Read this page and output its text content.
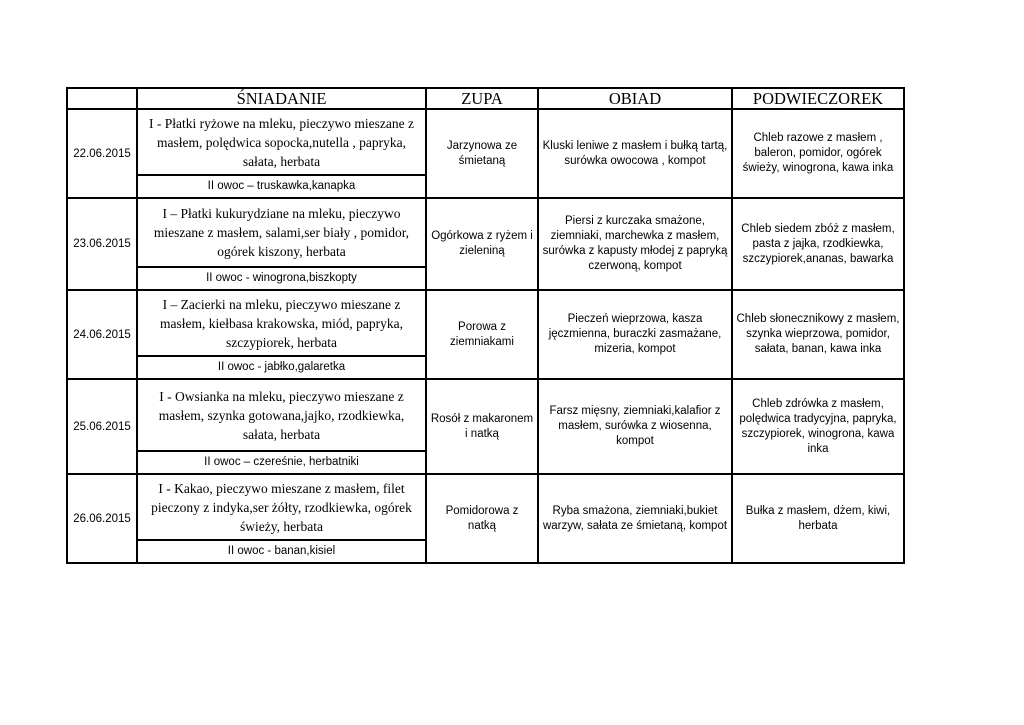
	ŚNIADANIE	ZUPA	OBIAD	PODWIECZOREK
22.06.2015	I - Płatki ryżowe na mleku, pieczywo mieszane z masłem, polędwica sopocka,nutella , papryka, sałata, herbata	Jarzynowa ze śmietaną	Kluski leniwe z masłem i bułką tartą, surówka owocowa , kompot	Chleb razowe z masłem , baleron, pomidor, ogórek świeży, winogrona, kawa inka
	II owoc – truskawka,kanapka			
23.06.2015	I – Płatki kukurydziane na mleku, pieczywo mieszane z masłem, salami,ser biały , pomidor, ogórek kiszony, herbata	Ogórkowa z ryżem i zieleniną	Piersi z kurczaka smażone, ziemniaki, marchewka z masłem, surówka z kapusty młodej z papryką czerwoną, kompot	Chleb siedem zbóż z masłem, pasta z jajka, rzodkiewka, szczypiorek,ananas, bawarka
	II owoc - winogrona,biszkopty			
24.06.2015	I – Zacierki na mleku, pieczywo mieszane z masłem, kiełbasa krakowska, miód, papryka, szczypiorek, herbata	Porowa z ziemniakami	Pieczeń wieprzowa, kasza jęczmienna, buraczki zasmażane, mizeria, kompot	Chleb słonecznikowy z masłem, szynka wieprzowa, pomidor, sałata, banan, kawa inka
	II owoc - jabłko,galaretka			
25.06.2015	I - Owsianka na mleku, pieczywo mieszane z masłem, szynka gotowana,jajko, rzodkiewka, sałata, herbata	Rosół z makaronem i natką	Farsz mięsny, ziemniaki,kalafior z masłem, surówka z wiosenna, kompot	Chleb zdrówka z masłem, polędwica tradycyjna, papryka, szczypiorek, winogrona, kawa inka
	II owoc – czereśnie, herbatniki			
26.06.2015	I - Kakao, pieczywo mieszane z masłem, filet pieczony z indyka,ser żółty, rzodkiewka, ogórek świeży, herbata	Pomidorowa z natką	Ryba smażona, ziemniaki,bukiet warzyw, sałata ze śmietaną, kompot	Bułka z masłem, dżem, kiwi, herbata
	II owoc - banan,kisiel			
